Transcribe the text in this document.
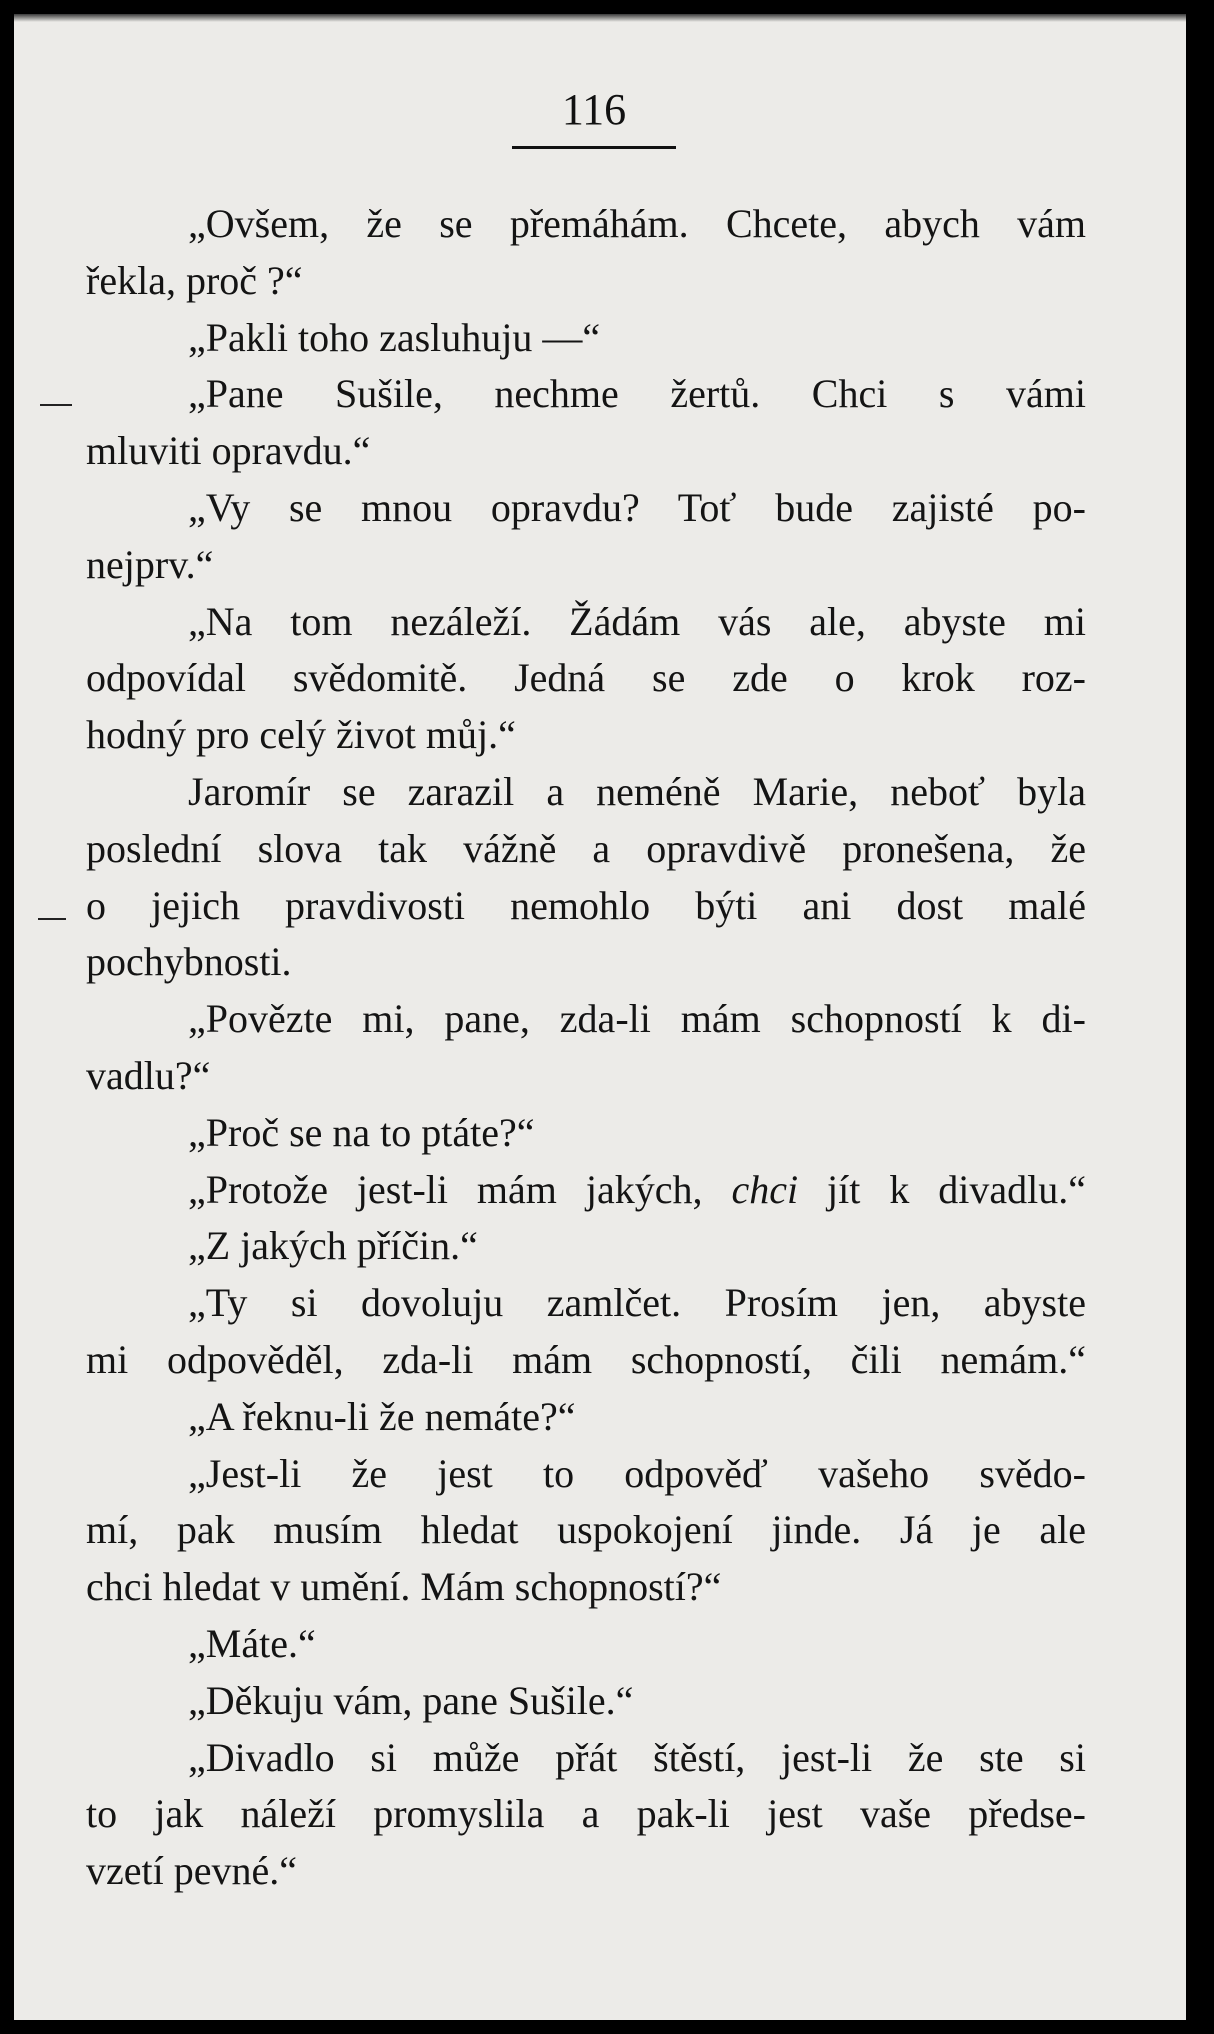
116
„Ovšem, že se přemáhám. Chcete, abych vám
řekla, proč ?“
„Pakli toho zasluhuju —“
„Pane Sušile, nechme žertů. Chci s vámi
mluviti opravdu.“
„Vy se mnou opravdu? Toť bude zajisté po-
nejprv.“
„Na tom nezáleží. Žádám vás ale, abyste mi
odpovídal svědomitě. Jedná se zde o krok roz-
hodný pro celý život můj.“
Jaromír se zarazil a neméně Marie, neboť byla
poslední slova tak vážně a opravdivě pronešena, že
o jejich pravdivosti nemohlo býti ani dost malé
pochybnosti.
„Povězte mi, pane, zda-li mám schopností k di-
vadlu?“
„Proč se na to ptáte?“
„Protože jest-li mám jakých, chci jít k divadlu.“
„Z jakých příčin.“
„Ty si dovoluju zamlčet. Prosím jen, abyste
mi odpověděl, zda-li mám schopností, čili nemám.“
„A řeknu-li že nemáte?“
„Jest-li že jest to odpověď vašeho svědo-
mí, pak musím hledat uspokojení jinde. Já je ale
chci hledat v umění. Mám schopností?“
„Máte.“
„Děkuju vám, pane Sušile.“
„Divadlo si může přát štěstí, jest-li že ste si
to jak náleží promyslila a pak-li jest vaše předse-
vzetí pevné.“
